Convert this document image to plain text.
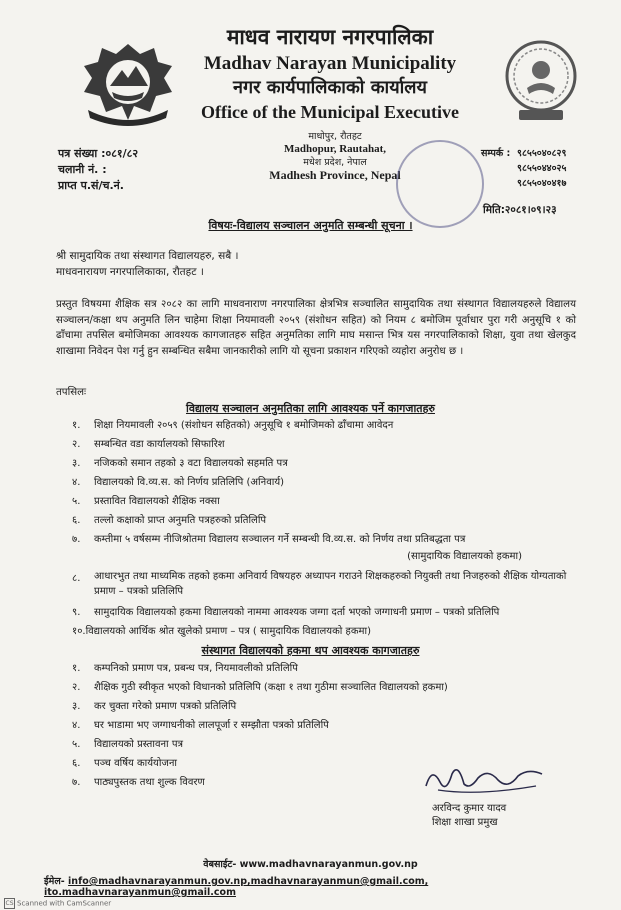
माधव नारायण नगरपालिका
Madhav Narayan Municipality
नगर कार्यपालिकाको कार्यालय
Office of the Municipal Executive
माधोपुर, रौतहट
Madhopur, Rautahat,
मधेश प्रदेश, नेपाल
Madhesh Province, Nepal
पत्र संख्या :०८१/८२
चलानी नं. :
प्राप्त प.सं/च.नं.
सम्पर्क : ९८५५०४०८२९
९८५५०४४०२५
९८५५०४०४१७
मिति:२०८१।०९।२३
विषयः-विद्यालय सञ्चालन अनुमति सम्बन्धी सूचना ।
श्री सामुदायिक तथा संस्थागत विद्यालयहरु, सबै ।
माधवनारायण नगरपालिकाका, रौतहट ।
प्रस्तुत विषयमा शैक्षिक सत्र २०८२ का लागि माधवनाराण नगरपालिका क्षेत्रभित्र सञ्चालित सामुदायिक तथा संस्थागत विद्यालयहरुले विद्यालय सञ्चालन/कक्षा थप अनुमति लिन चाहेमा शिक्षा नियमावली २०५९ (संशोधन सहित) को नियम ८ बमोजिम पूर्वाधार पुरा गरी अनुसूचि १ को ढाँचामा तपसिल बमोजिमका आवश्यक कागजातहरु सहित अनुमतिका लागि माघ मसान्त भित्र यस नगरपालिकाको शिक्षा, युवा तथा खेलकुद शाखामा निवेदन पेश गर्नु हुन सम्बन्धित सबैमा जानकारीको लागि यो सूचना प्रकाशन गरिएको व्यहोरा अनुरोध छ ।
तपसिलः
विद्यालय सञ्चालन अनुमतिका लागि आवश्यक पर्ने कागजातहरु
१.	शिक्षा नियमावली २०५९ (संशोधन सहितको) अनुसूचि १ बमोजिमको ढाँचामा आवेदन
२.	सम्बन्धित वडा कार्यालयको सिफारिश
३.	नजिकको समान तहको ३ वटा विद्यालयको सहमति पत्र
४.	विद्यालयको वि.व्य.स. को निर्णय प्रतिलिपि (अनिवार्य)
५.	प्रस्तावित विद्यालयको शैक्षिक नक्सा
६.	तल्लो कक्षाको प्राप्त अनुमति पत्रहरुको प्रतिलिपि
७.	कम्तीमा ५ वर्षसम्म नीजिश्रोतमा विद्यालय सञ्चालन गर्ने सम्बन्धी वि.व्य.स. को निर्णय तथा प्रतिबद्धता पत्र
(सामुदायिक विद्यालयको हकमा)
८.	आधारभुत तथा माध्यमिक तहको हकमा अनिवार्य विषयहरु अध्यापन गराउने शिक्षकहरुको नियुक्ती तथा निजहरुको शैक्षिक योग्यताको प्रमाण – पत्रको प्रतिलिपि
९.	सामुदायिक विद्यालयको हकमा विद्यालयको नाममा आवश्यक जग्गा दर्ता भएको जग्गाधनी प्रमाण – पत्रको प्रतिलिपि
१०.विद्यालयको आर्थिक श्रोत खुलेको प्रमाण – पत्र ( सामुदायिक विद्यालयको हकमा)
संस्थागत विद्यालयको हकमा थप आवश्यक कागजातहरु
१.	कम्पनिको प्रमाण पत्र, प्रबन्ध पत्र, नियमावलीको प्रतिलिपि
२.	शैक्षिक गुठी स्वीकृत भएको विधानको प्रतिलिपि (कक्षा १ तथा गुठीमा सञ्चालित विद्यालयको हकमा)
३.	कर चुक्ता गरेको प्रमाण पत्रको प्रतिलिपि
४.	घर भाडामा भए जग्गाधनीको लालपूर्जा र सम्झौता पत्रको प्रतिलिपि
५.	विद्यालयको प्रस्तावना पत्र
६.	पञ्च वर्षिय कार्ययोजना
७.	पाठ्यपुस्तक तथा शुल्क विवरण
अरविन्द कुमार यादव
शिक्षा शाखा प्रमुख
वेबसाईट- www.madhavnarayanmun.gov.np
ईमेल- info@madhavnarayanmun.gov.np,madhavnarayanmun@gmail.com, ito.madhavnarayanmun@gmail.com
CS Scanned with CamScanner
